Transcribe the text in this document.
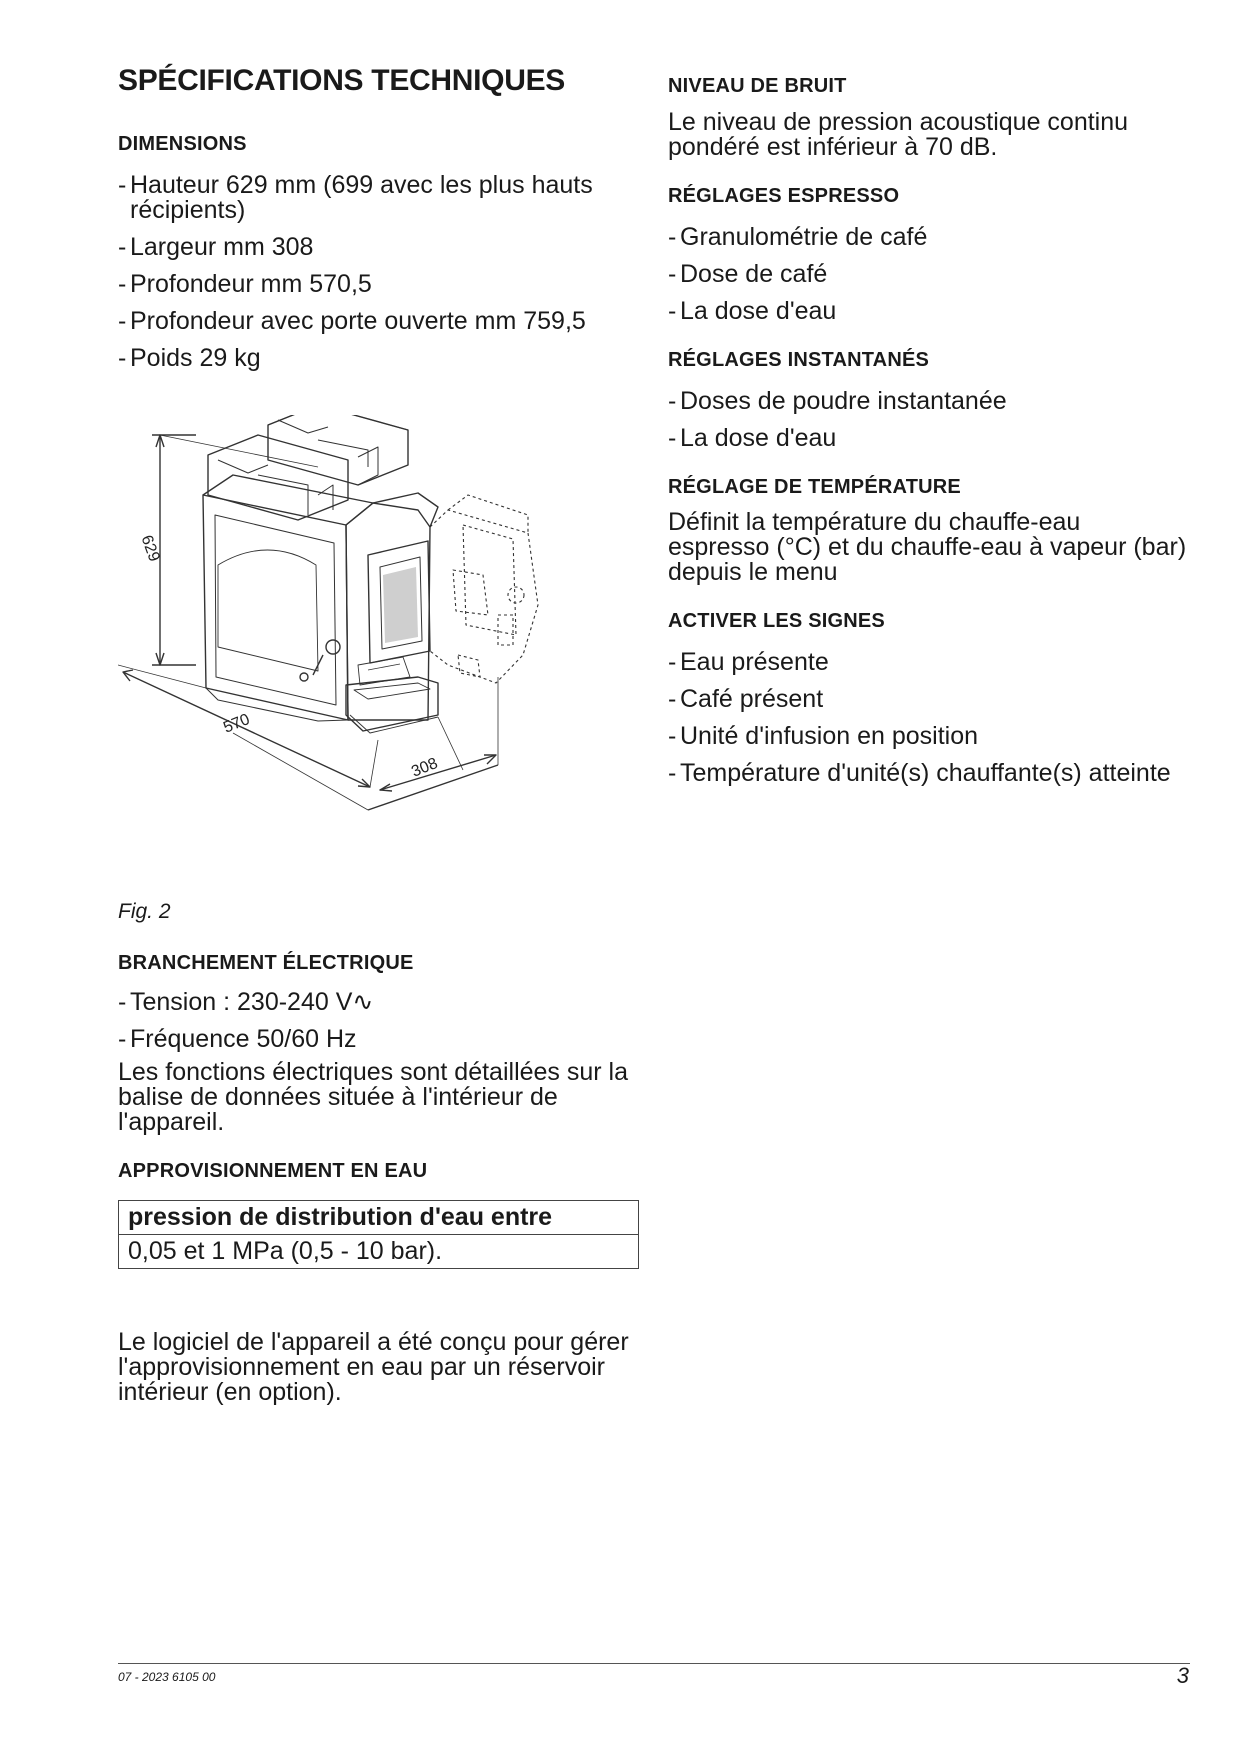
SPÉCIFICATIONS TECHNIQUES
DIMENSIONS
- Hauteur 629 mm (699 avec les plus hauts récipients)
- Largeur mm 308
- Profondeur mm 570,5
- Profondeur avec porte ouverte mm 759,5
- Poids 29 kg
629
570
308

Fig. 2

BRANCHEMENT ÉLECTRIQUE
- Tension : 230-240 V∿
- Fréquence 50/60 Hz

Les fonctions électriques sont détaillées sur la balise de données située à l'intérieur de l'appareil.

APPROVISIONNEMENT EN EAU
pression de distribution d'eau entre
0,05 et 1 MPa (0,5 - 10 bar).

Le logiciel de l'appareil a été conçu pour gérer l'approvisionnement en eau par un réservoir intérieur (en option).

NIVEAU DE BRUIT

Le niveau de pression acoustique continu pondéré est inférieur à 70 dB.

RÉGLAGES ESPRESSO
- Granulométrie de café
- Dose de café
- La dose d'eau
RÉGLAGES INSTANTANÉS
- Doses de poudre instantanée
- La dose d'eau
RÉGLAGE DE TEMPÉRATURE

Définit la température du chauffe-eau espresso (°C) et du chauffe-eau à vapeur (bar) depuis le menu

ACTIVER LES SIGNES
- Eau présente
- Café présent
- Unité d'infusion en position
- Température d'unité(s) chauffante(s) atteinte
07 - 2023 6105 00	3
